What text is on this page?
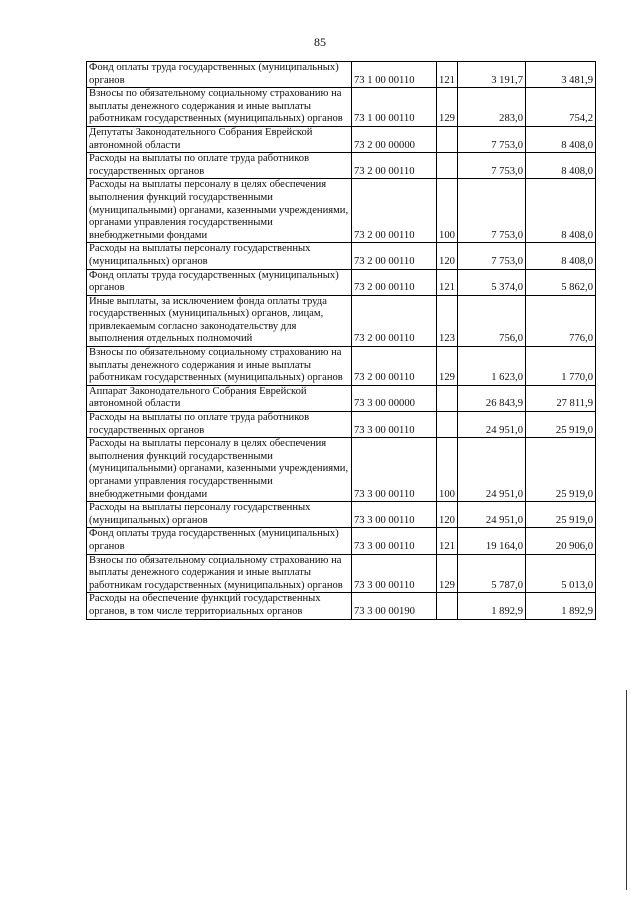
85
Фонд оплаты труда государственных (муниципальных) органов	73 1 00 00110	121	3 191,7	3 481,9
Взносы по обязательному социальному страхованию на выплаты денежного содержания и иные выплаты работникам государственных (муниципальных) органов	73 1 00 00110	129	283,0	754,2
Депутаты Законодательного Собрания Еврейской автономной области	73 2 00 00000		7 753,0	8 408,0
Расходы на выплаты по оплате труда работников государственных органов	73 2 00 00110		7 753,0	8 408,0
Расходы на выплаты персоналу в целях обеспечения выполнения функций государственными (муниципальными) органами, казенными учреждениями, органами управления государственными внебюджетными фондами	73 2 00 00110	100	7 753,0	8 408,0
Расходы на выплаты персоналу государственных (муниципальных) органов	73 2 00 00110	120	7 753,0	8 408,0
Фонд оплаты труда государственных (муниципальных) органов	73 2 00 00110	121	5 374,0	5 862,0
Иные выплаты, за исключением фонда оплаты труда государственных (муниципальных) органов, лицам, привлекаемым согласно законодательству для выполнения отдельных полномочий	73 2 00 00110	123	756,0	776,0
Взносы по обязательному социальному страхованию на выплаты денежного содержания и иные выплаты работникам государственных (муниципальных) органов	73 2 00 00110	129	1 623,0	1 770,0
Аппарат Законодательного Собрания Еврейской автономной области	73 3 00 00000		26 843,9	27 811,9
Расходы на выплаты по оплате труда работников государственных органов	73 3 00 00110		24 951,0	25 919,0
Расходы на выплаты персоналу в целях обеспечения выполнения функций государственными (муниципальными) органами, казенными учреждениями, органами управления государственными внебюджетными фондами	73 3 00 00110	100	24 951,0	25 919,0
Расходы на выплаты персоналу государственных (муниципальных) органов	73 3 00 00110	120	24 951,0	25 919,0
Фонд оплаты труда государственных (муниципальных) органов	73 3 00 00110	121	19 164,0	20 906,0
Взносы по обязательному социальному страхованию на выплаты денежного содержания и иные выплаты работникам государственных (муниципальных) органов	73 3 00 00110	129	5 787,0	5 013,0
Расходы на обеспечение функций государственных органов, в том числе территориальных органов	73 3 00 00190		1 892,9	1 892,9
